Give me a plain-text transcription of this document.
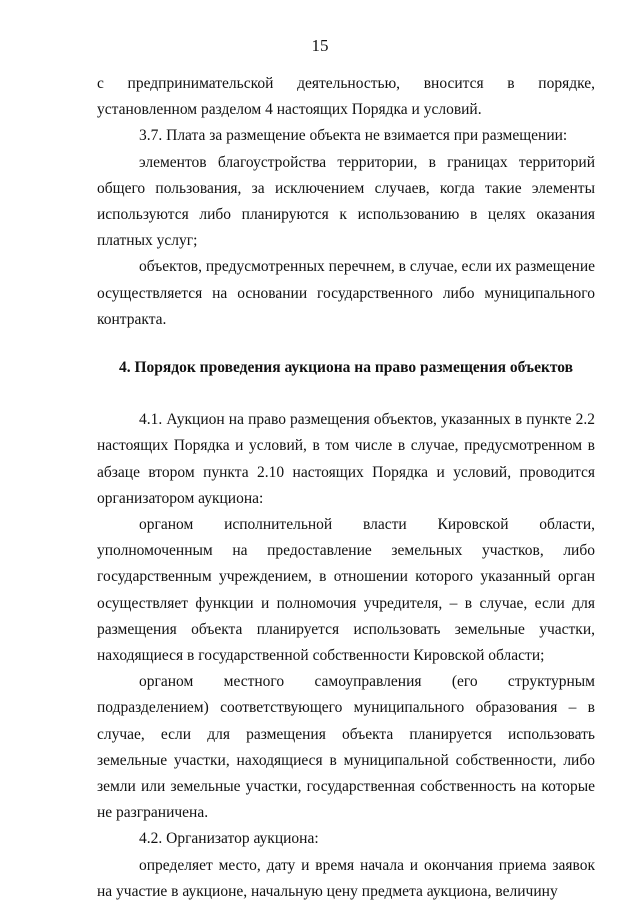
15

с предпринимательской деятельностью, вносится в порядке, установленном разделом 4 настоящих Порядка и условий.

3.7. Плата за размещение объекта не взимается при размещении:

элементов благоустройства территории, в границах территорий общего пользования, за исключением случаев, когда такие элементы используются либо планируются к использованию в целях оказания платных услуг;

объектов, предусмотренных перечнем, в случае, если их размещение осуществляется на основании государственного либо муниципального контракта.

4. Порядок проведения аукциона на право размещения объектов

4.1. Аукцион на право размещения объектов, указанных в пункте 2.2 настоящих Порядка и условий, в том числе в случае, предусмотренном в абзаце втором пункта 2.10 настоящих Порядка и условий, проводится организатором аукциона:

органом исполнительной власти Кировской области, уполномоченным на предоставление земельных участков, либо государственным учреждением, в отношении которого указанный орган осуществляет функции и полномочия учредителя, – в случае, если для размещения объекта планируется использовать земельные участки, находящиеся в государственной собственности Кировской области;

органом местного самоуправления (его структурным подразделением) соответствующего муниципального образования – в случае, если для размещения объекта планируется использовать земельные участки, находящиеся в муниципальной собственности, либо земли или земельные участки, государственная собственность на которые не разграничена.

4.2. Организатор аукциона:

определяет место, дату и время начала и окончания приема заявок на участие в аукционе, начальную цену предмета аукциона, величину
